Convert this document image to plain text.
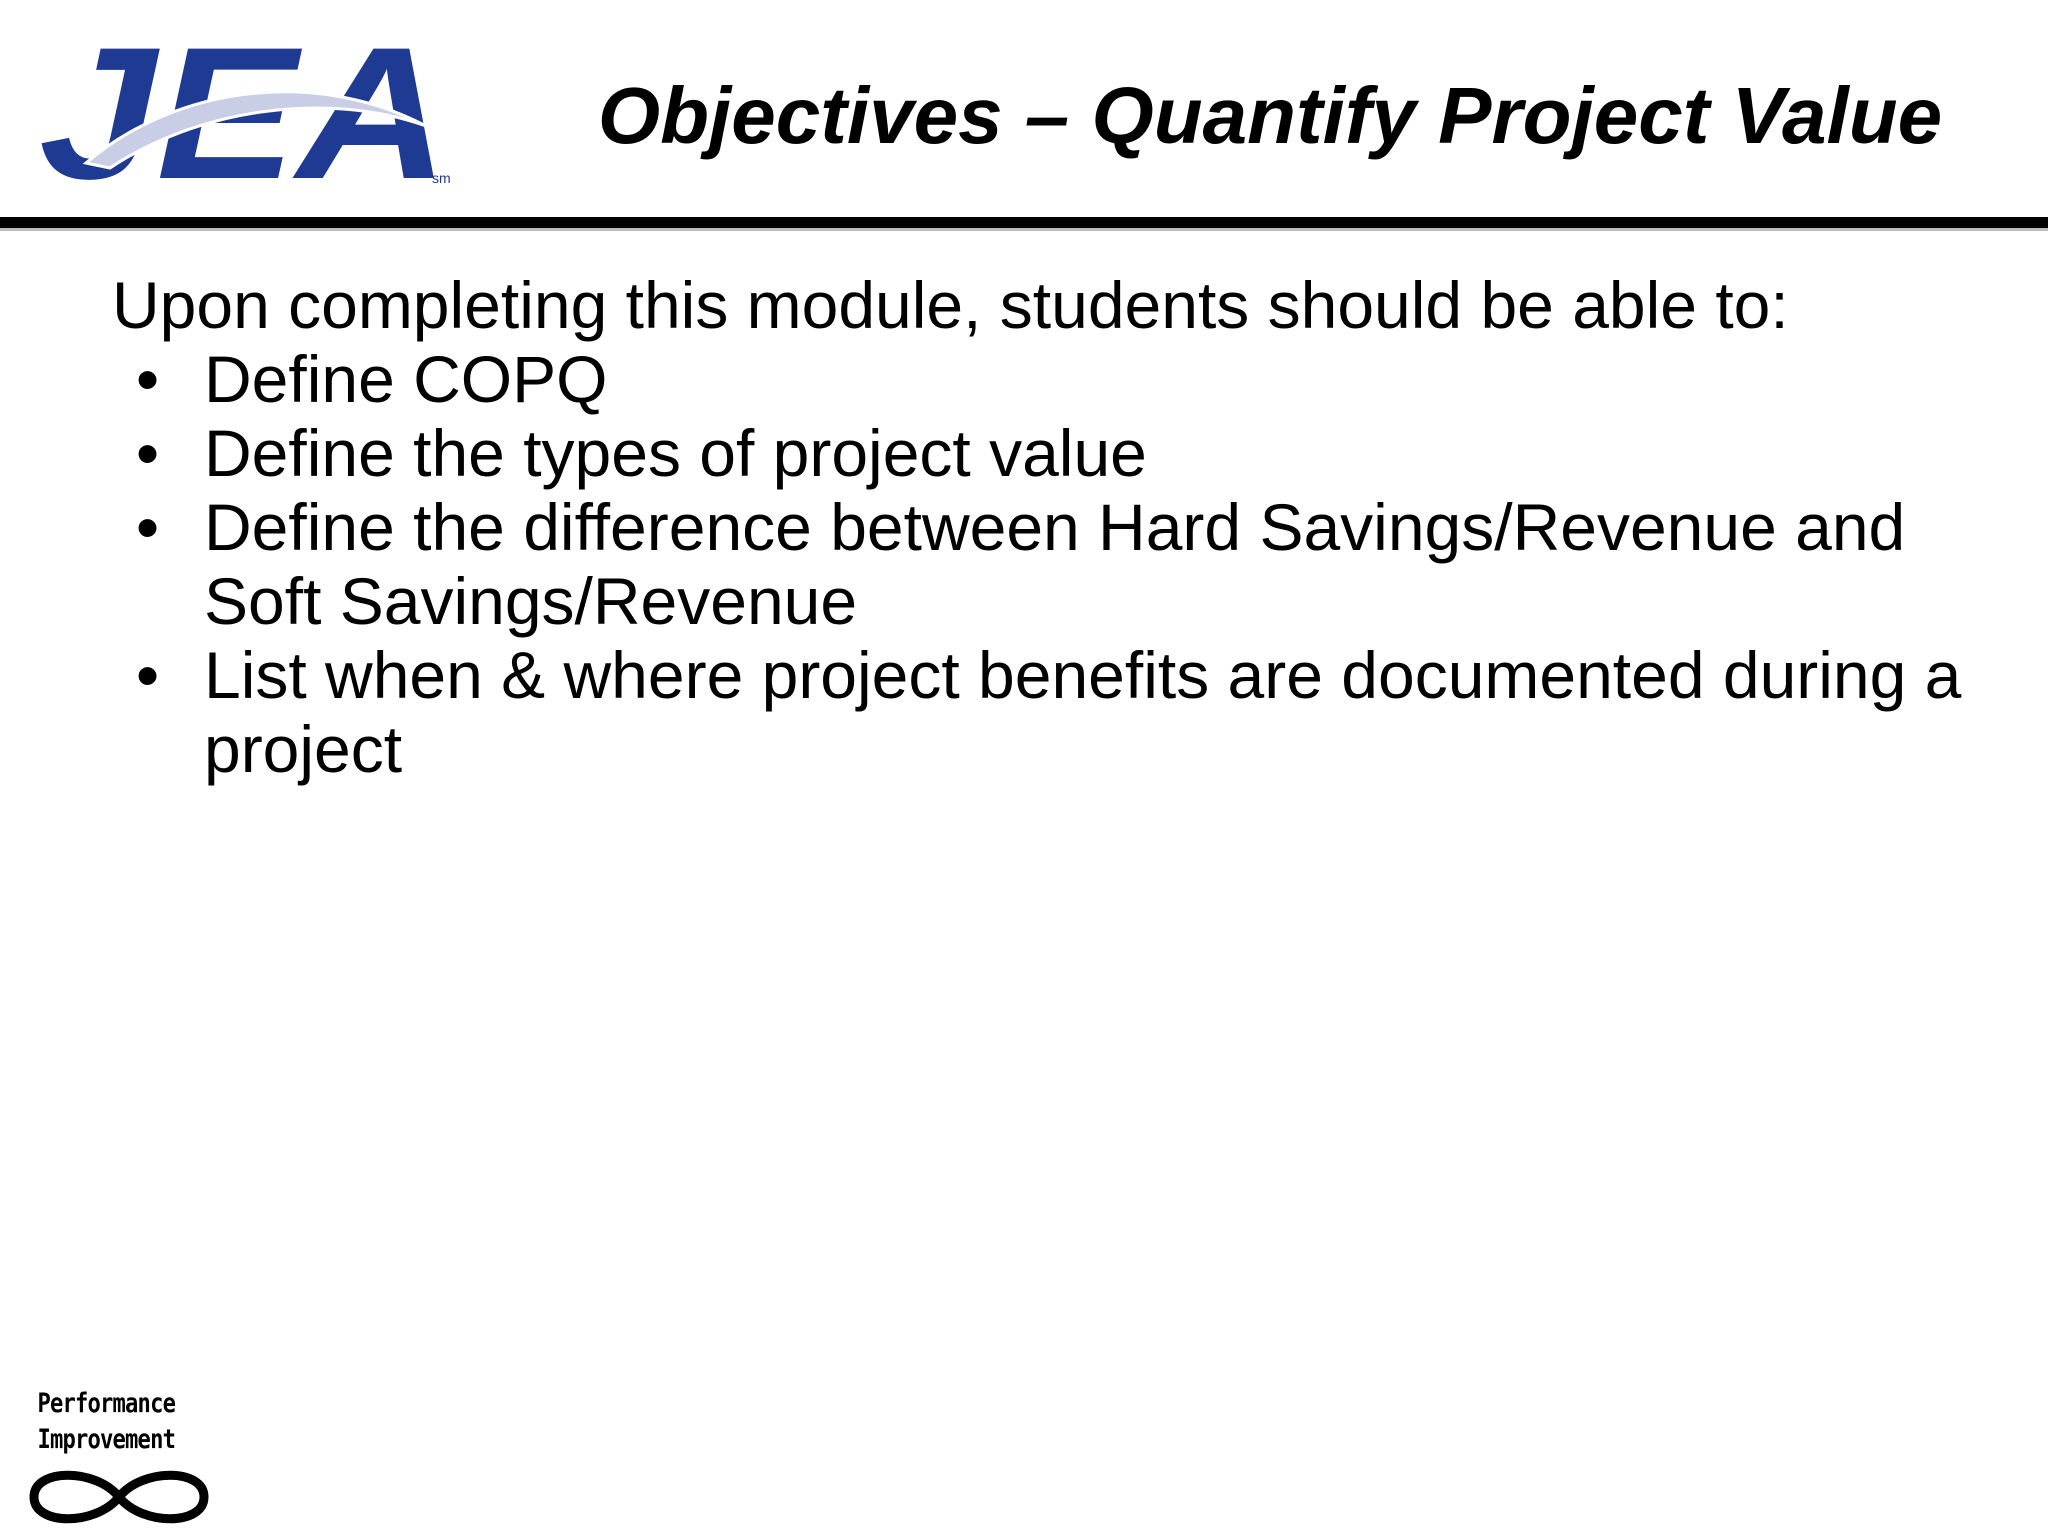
JEA
sm
Objectives – Quantify Project Value

Upon completing this module, students should be able to:

• Define COPQ
• Define the types of project value
• Define the difference between Hard Savings/Revenue and Soft Savings/Revenue
• List when & where project benefits are documented during a project
Performance
Improvement
